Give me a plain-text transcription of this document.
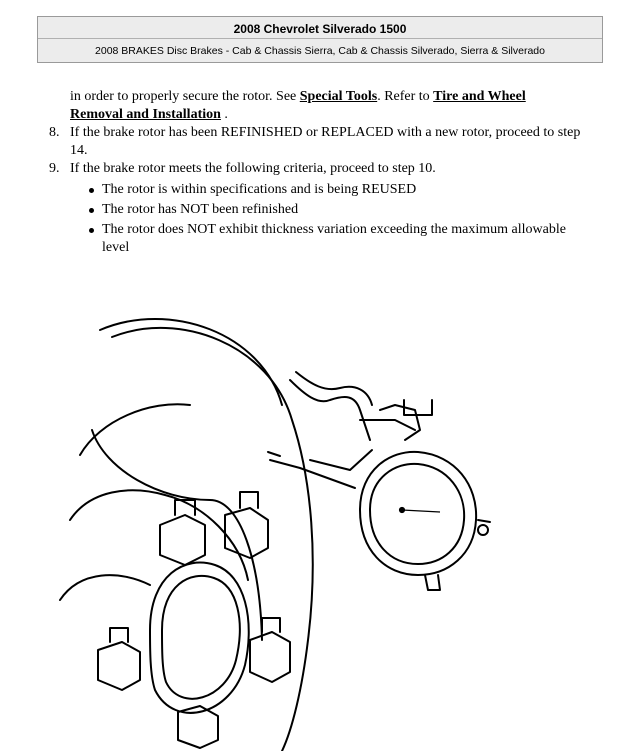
2008 Chevrolet Silverado 1500
2008 BRAKES Disc Brakes - Cab & Chassis Sierra, Cab & Chassis Silverado, Sierra & Silverado
in order to properly secure the rotor. See Special Tools. Refer to Tire and Wheel
Removal and Installation .
8. If the brake rotor has been REFINISHED or REPLACED with a new rotor, proceed to step
14.
9. If the brake rotor meets the following criteria, proceed to step 10.
The rotor is within specifications and is being REUSED
The rotor has NOT been refinished
The rotor does NOT exhibit thickness variation exceeding the maximum allowable
level
